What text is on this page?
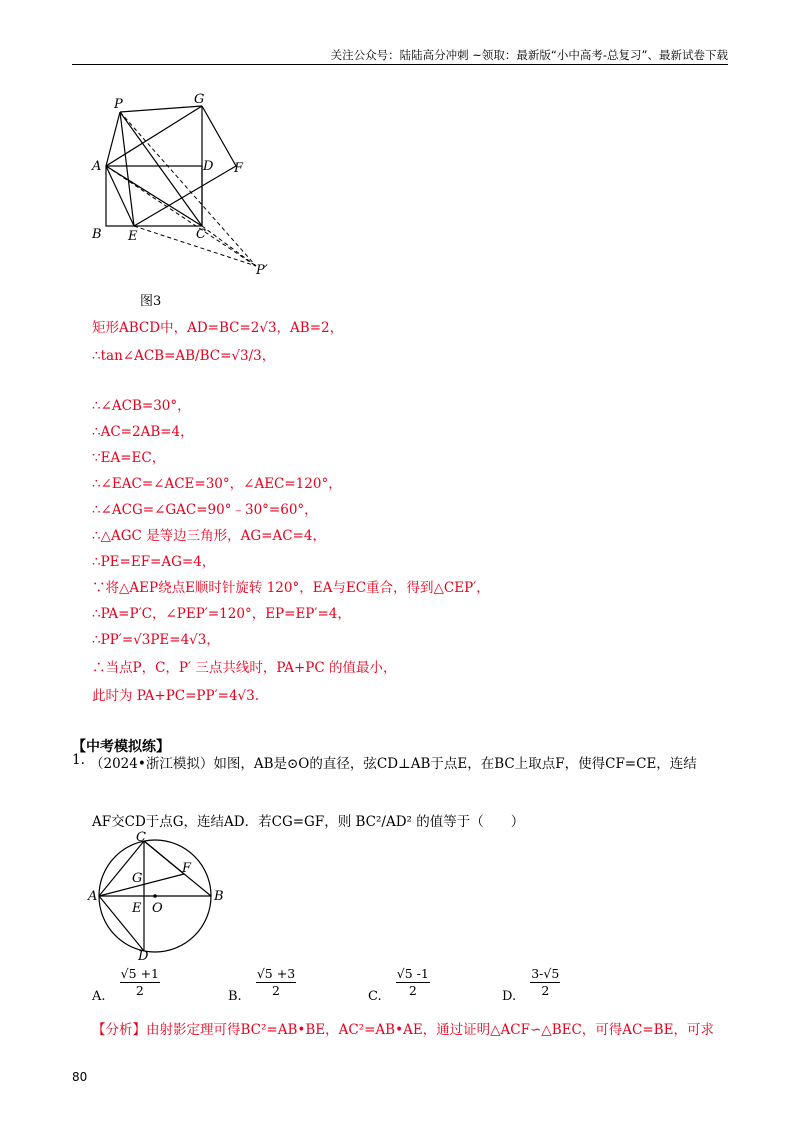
关注公众号：陆陆高分冲刺 ~领取：最新版“小中高考-总复习”、最新试卷下载
P	G
A	D F
B E	C
P′
图3
矩形ABCD中，AD=BC=2√3，AB=2，
∴tan∠ACB=AB/BC=√3/3，
∴∠ACB=30°，
∴AC=2AB=4，
∵EA=EC，
∴∠EAC=∠ACE=30°，∠AEC=120°，
∴∠ACG=∠GAC=90°﹣30°=60°，
∴△AGC 是等边三角形，AG=AC=4，
∴PE=EF=AG=4，
∵将△AEP绕点E顺时针旋转 120°，EA与EC重合，得到△CEP′，
∴PA=P′C，∠PEP′=120°，EP=EP′=4，
∴PP′=√3PE=4√3，
∴当点P，C，P′ 三点共线时，PA+PC 的值最小，
此时为 PA+PC=PP′=4√3.
【中考模拟练】
1. （2024•浙江模拟）如图，AB是⊙O的直径，弦CD⊥AB于点E，在BC上取点F，使得CF=CE，连结
AF交CD于点G，连结AD．若CG=GF，则 BC²/AD² 的值等于（　　）
C
G
F
A	B
E O
D
A. $\frac{√5 +1}{2}$	B. $\frac{√5 +3}{2}$	C. $\frac{√5 -1}{2}$	D. $\frac{3-√5}{2}$
【分析】由射影定理可得BC²=AB•BE，AC²=AB•AE，通过证明△ACF∽△BEC，可得AC=BE，可求
80
